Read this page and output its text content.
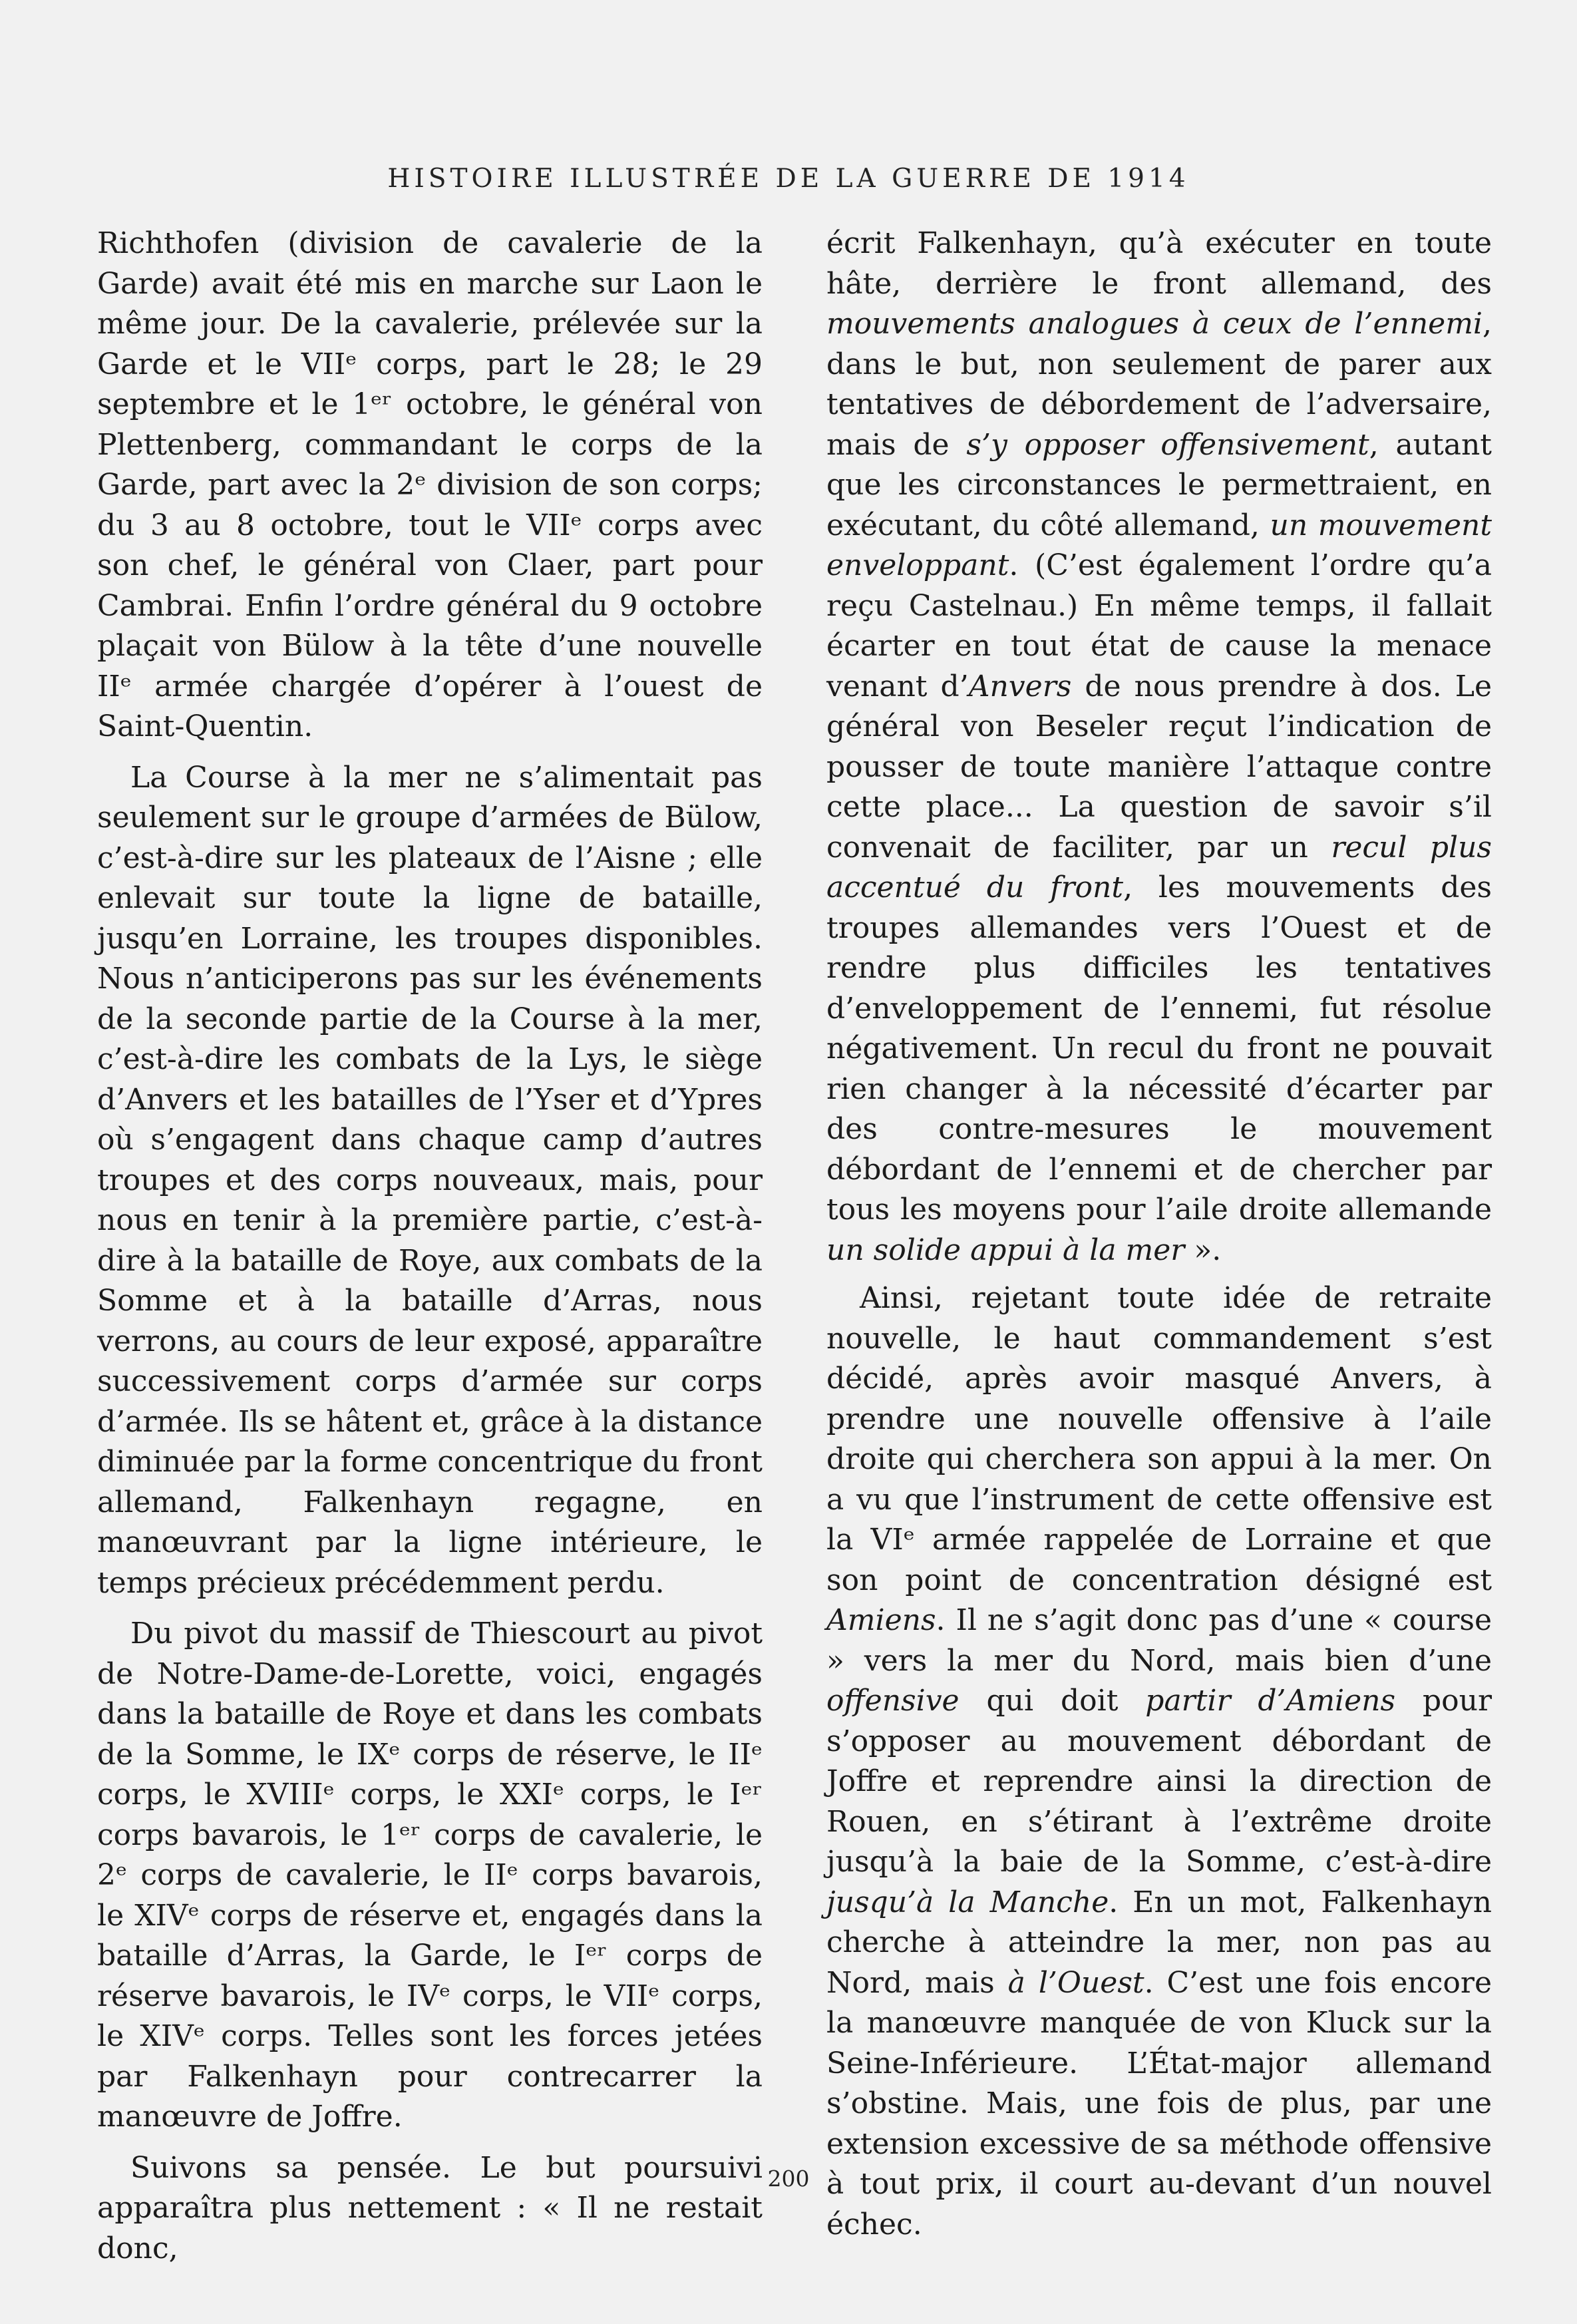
HISTOIRE ILLUSTRÉE DE LA GUERRE DE 1914

Richthofen (division de cavalerie de la Garde) avait été mis en marche sur Laon le même jour. De la cavalerie, prélevée sur la Garde et le VIIᵉ corps, part le 28; le 29 septembre et le 1ᵉʳ octobre, le général von Plettenberg, commandant le corps de la Garde, part avec la 2ᵉ division de son corps; du 3 au 8 octobre, tout le VIIᵉ corps avec son chef, le général von Claer, part pour Cambrai. Enfin l’ordre général du 9 octobre plaçait von Bülow à la tête d’une nouvelle IIᵉ armée chargée d’opérer à l’ouest de Saint-Quentin.

La Course à la mer ne s’alimentait pas seulement sur le groupe d’armées de Bülow, c’est-à-dire sur les plateaux de l’Aisne ; elle enlevait sur toute la ligne de bataille, jusqu’en Lorraine, les troupes disponibles. Nous n’anticiperons pas sur les événements de la seconde partie de la Course à la mer, c’est-à-dire les combats de la Lys, le siège d’Anvers et les batailles de l’Yser et d’Ypres où s’engagent dans chaque camp d’autres troupes et des corps nouveaux, mais, pour nous en tenir à la première partie, c’est-à-dire à la bataille de Roye, aux combats de la Somme et à la bataille d’Arras, nous verrons, au cours de leur exposé, apparaître successivement corps d’armée sur corps d’armée. Ils se hâtent et, grâce à la distance diminuée par la forme concentrique du front allemand, Falkenhayn regagne, en manœuvrant par la ligne intérieure, le temps précieux précédemment perdu.

Du pivot du massif de Thiescourt au pivot de Notre-Dame-de-Lorette, voici, engagés dans la bataille de Roye et dans les combats de la Somme, le IXᵉ corps de réserve, le IIᵉ corps, le XVIIIᵉ corps, le XXIᵉ corps, le Iᵉʳ corps bavarois, le 1ᵉʳ corps de cavalerie, le 2ᵉ corps de cavalerie, le IIᵉ corps bavarois, le XIVᵉ corps de réserve et, engagés dans la bataille d’Arras, la Garde, le Iᵉʳ corps de réserve bavarois, le IVᵉ corps, le VIIᵉ corps, le XIVᵉ corps. Telles sont les forces jetées par Falkenhayn pour contrecarrer la manœuvre de Joffre.

Suivons sa pensée. Le but poursuivi apparaîtra plus nettement : « Il ne restait donc,

écrit Falkenhayn, qu’à exécuter en toute hâte, derrière le front allemand, des mouvements analogues à ceux de l’ennemi, dans le but, non seulement de parer aux tentatives de débordement de l’adversaire, mais de s’y opposer offensivement, autant que les circonstances le permettraient, en exécutant, du côté allemand, un mouvement enveloppant. (C’est également l’ordre qu’a reçu Castelnau.) En même temps, il fallait écarter en tout état de cause la menace venant d’Anvers de nous prendre à dos. Le général von Beseler reçut l’indication de pousser de toute manière l’attaque contre cette place... La question de savoir s’il convenait de faciliter, par un recul plus accentué du front, les mouvements des troupes allemandes vers l’Ouest et de rendre plus difficiles les tentatives d’enveloppement de l’ennemi, fut résolue négativement. Un recul du front ne pouvait rien changer à la nécessité d’écarter par des contre-mesures le mouvement débordant de l’ennemi et de chercher par tous les moyens pour l’aile droite allemande un solide appui à la mer ».

Ainsi, rejetant toute idée de retraite nouvelle, le haut commandement s’est décidé, après avoir masqué Anvers, à prendre une nouvelle offensive à l’aile droite qui cherchera son appui à la mer. On a vu que l’instrument de cette offensive est la VIᵉ armée rappelée de Lorraine et que son point de concentration désigné est Amiens. Il ne s’agit donc pas d’une « course » vers la mer du Nord, mais bien d’une offensive qui doit partir d’Amiens pour s’opposer au mouvement débordant de Joffre et reprendre ainsi la direction de Rouen, en s’étirant à l’extrême droite jusqu’à la baie de la Somme, c’est-à-dire jusqu’à la Manche. En un mot, Falkenhayn cherche à atteindre la mer, non pas au Nord, mais à l’Ouest. C’est une fois encore la manœuvre manquée de von Kluck sur la Seine-Inférieure. L’État-major allemand s’obstine. Mais, une fois de plus, par une extension excessive de sa méthode offensive à tout prix, il court au-devant d’un nouvel échec.

200
